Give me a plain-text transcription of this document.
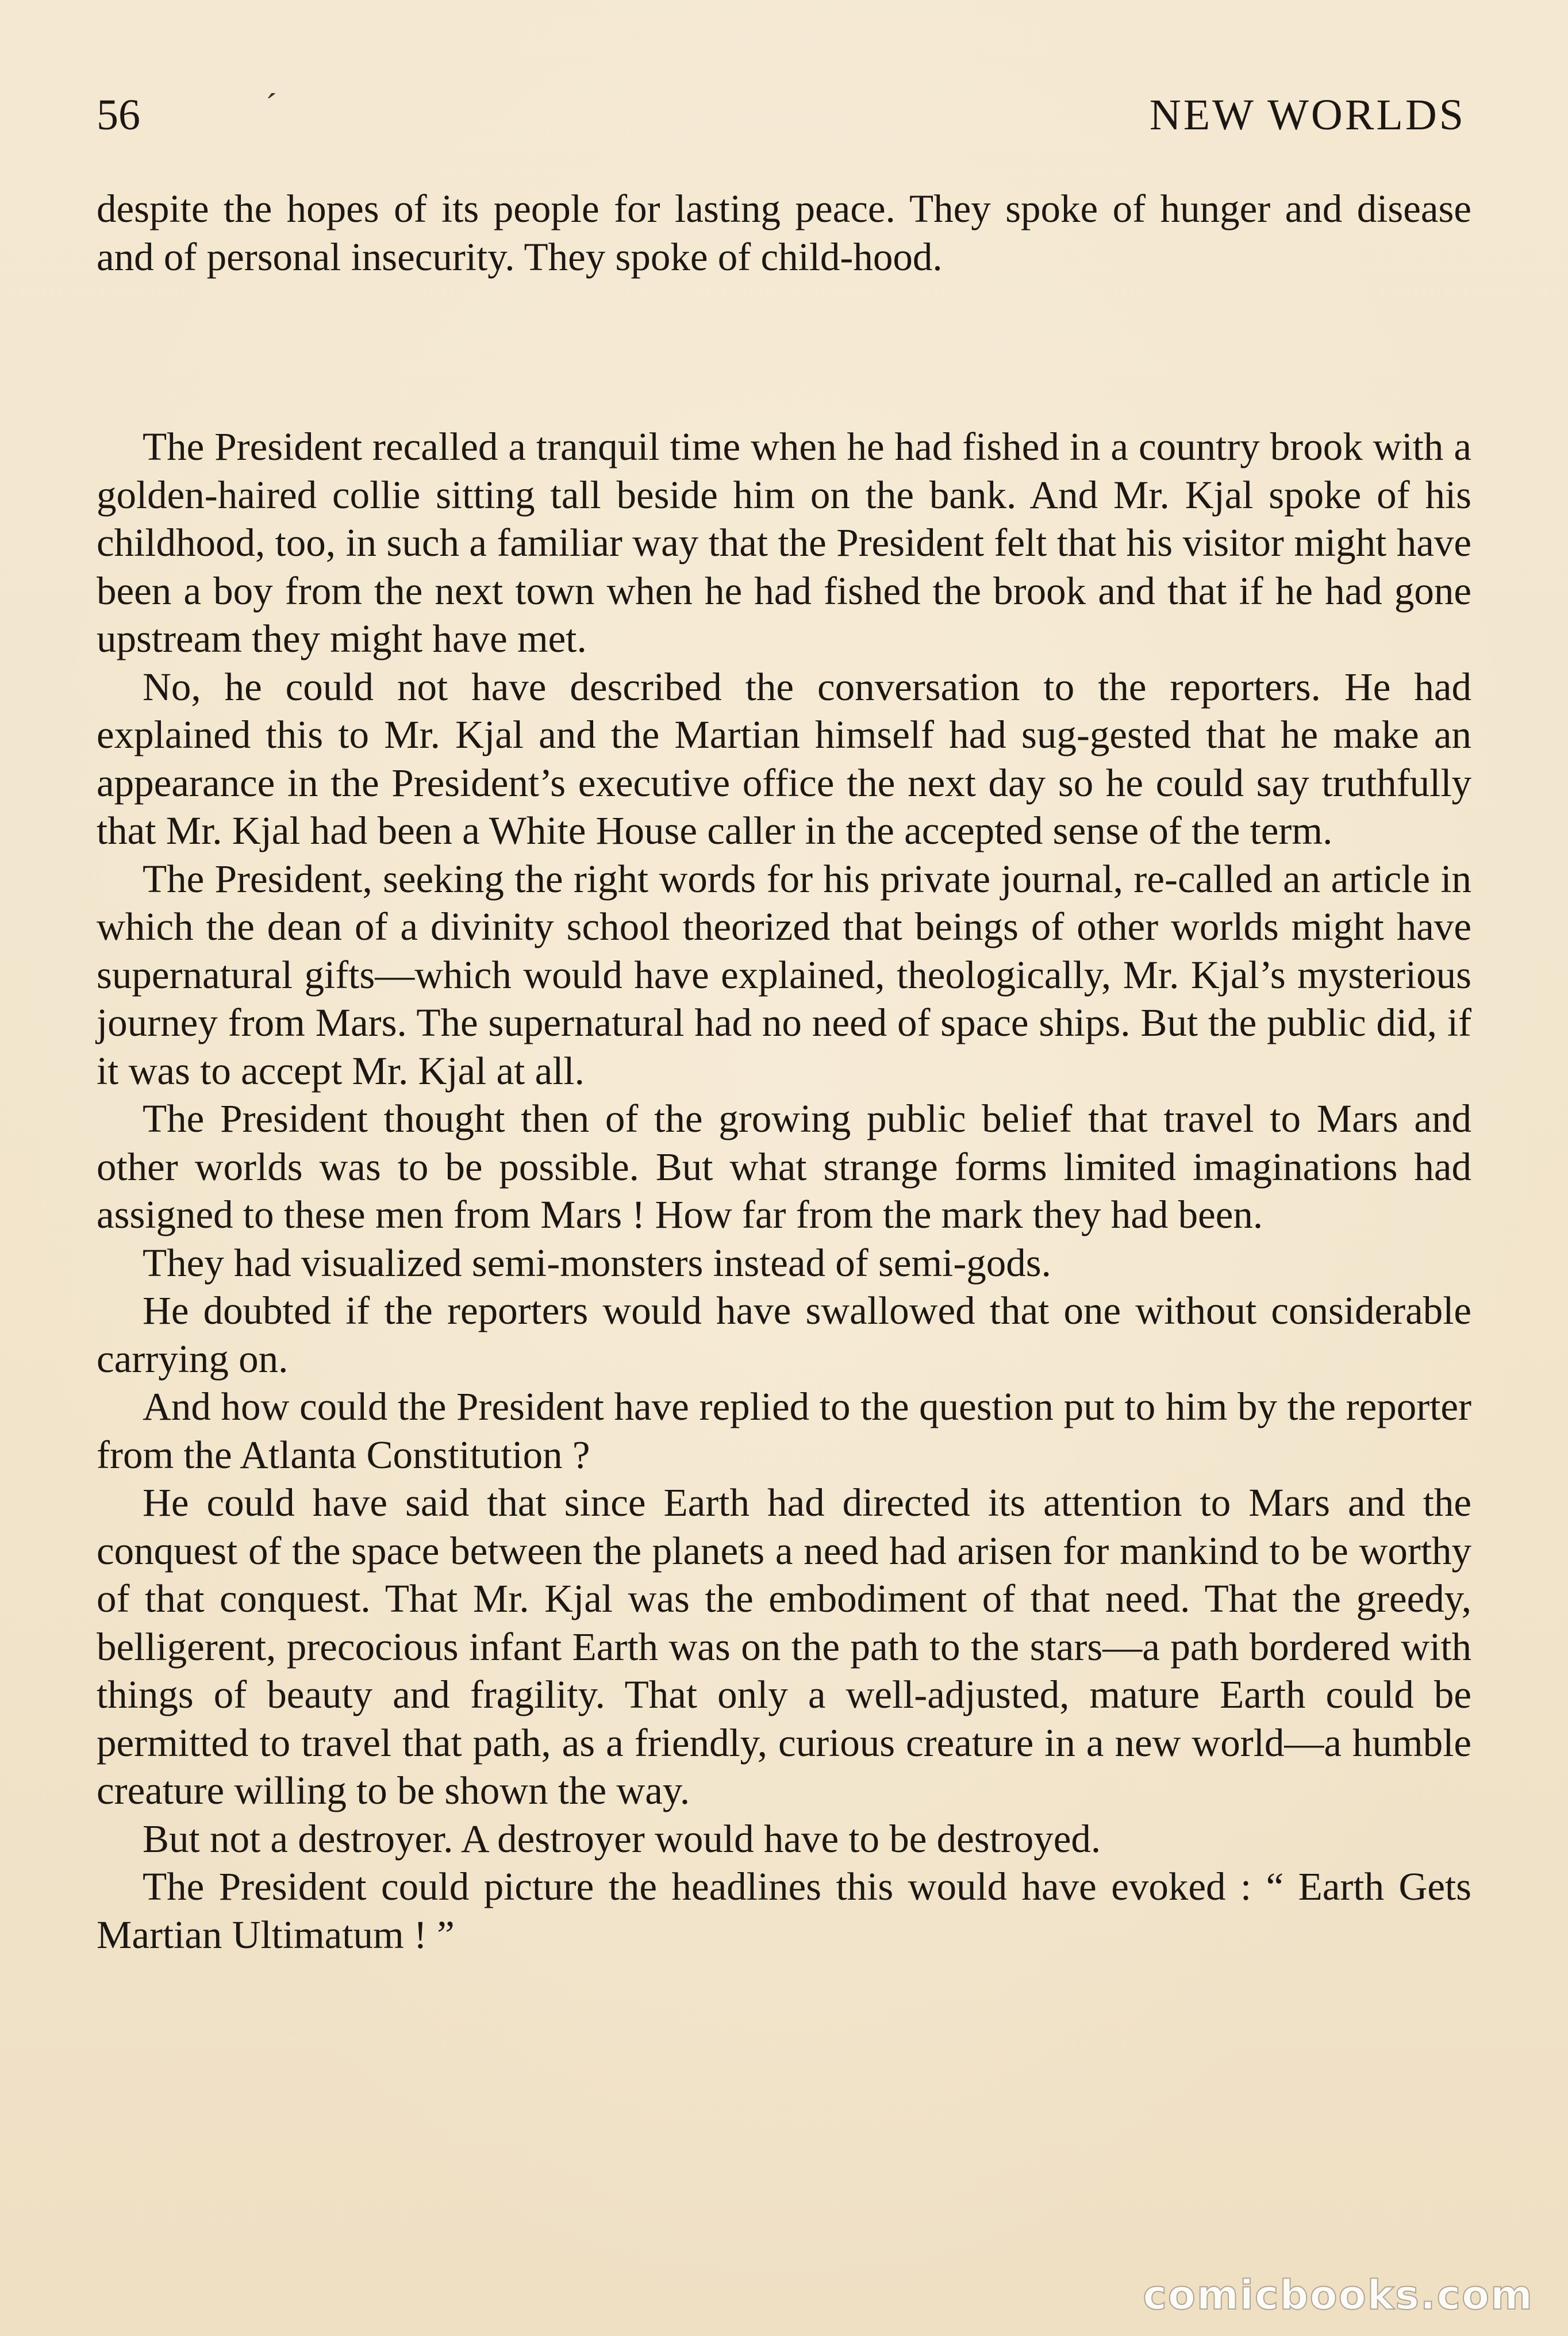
56	NEW WORLDS
ˊ

despite the hopes of its people for lasting peace. They spoke of hunger and disease and of personal insecurity. They spoke of child-hood.

The President recalled a tranquil time when he had fished in a country brook with a golden-haired collie sitting tall beside him on the bank. And Mr. Kjal spoke of his childhood, too, in such a familiar way that the President felt that his visitor might have been a boy from the next town when he had fished the brook and that if he had gone upstream they might have met.

No, he could not have described the conversation to the reporters. He had explained this to Mr. Kjal and the Martian himself had sug-gested that he make an appearance in the President’s executive office the next day so he could say truthfully that Mr. Kjal had been a White House caller in the accepted sense of the term.

The President, seeking the right words for his private journal, re-called an article in which the dean of a divinity school theorized that beings of other worlds might have supernatural gifts—which would have explained, theologically, Mr. Kjal’s mysterious journey from Mars. The supernatural had no need of space ships. But the public did, if it was to accept Mr. Kjal at all.

The President thought then of the growing public belief that travel to Mars and other worlds was to be possible. But what strange forms limited imaginations had assigned to these men from Mars ! How far from the mark they had been.

They had visualized semi-monsters instead of semi-gods.

He doubted if the reporters would have swallowed that one without considerable carrying on.

And how could the President have replied to the question put to him by the reporter from the Atlanta Constitution ?

He could have said that since Earth had directed its attention to Mars and the conquest of the space between the planets a need had arisen for mankind to be worthy of that conquest. That Mr. Kjal was the embodiment of that need. That the greedy, belligerent, precocious infant Earth was on the path to the stars—a path bordered with things of beauty and fragility. That only a well-adjusted, mature Earth could be permitted to travel that path, as a friendly, curious creature in a new world—a humble creature willing to be shown the way.

But not a destroyer. A destroyer would have to be destroyed.

The President could picture the headlines this would have evoked : “ Earth Gets Martian Ultimatum ! ”

comicbooks.com
